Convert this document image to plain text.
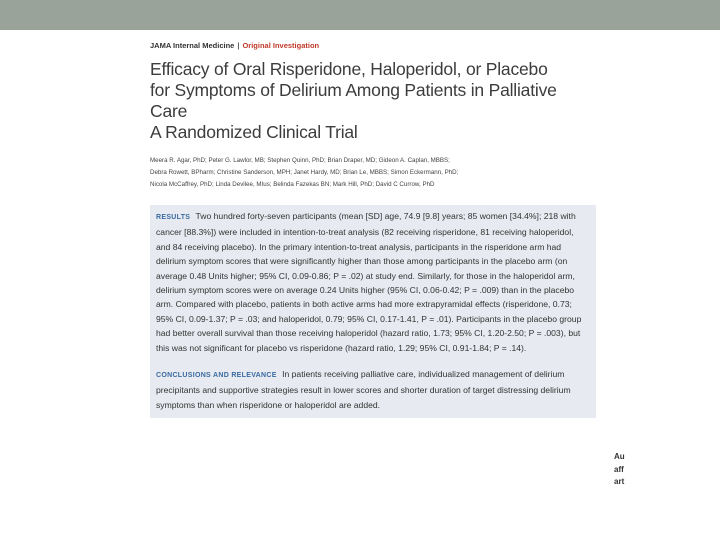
JAMA Internal Medicine | Original Investigation
Efficacy of Oral Risperidone, Haloperidol, or Placebo
for Symptoms of Delirium Among Patients in Palliative Care
A Randomized Clinical Trial
Meera R. Agar, PhD; Peter G. Lawlor, MB; Stephen Quinn, PhD; Brian Draper, MD; Gideon A. Caplan, MBBS;
Debra Rowett, BPharm; Christine Sanderson, MPH; Janet Hardy, MD; Brian Le, MBBS; Simon Eckermann, PhD;
Nicola McCaffrey, PhD; Linda Devilee, MIus; Belinda Fazekas BN; Mark Hill, PhD; David C Currow, PhD
RESULTS Two hundred forty-seven participants (mean [SD] age, 74.9 [9.8] years; 85 women [34.4%]; 218 with cancer [88.3%]) were included in intention-to-treat analysis (82 receiving risperidone, 81 receiving haloperidol, and 84 receiving placebo). In the primary intention-to-treat analysis, participants in the risperidone arm had delirium symptom scores that were significantly higher than those among participants in the placebo arm (on average 0.48 Units higher; 95% CI, 0.09-0.86; P = .02) at study end. Similarly, for those in the haloperidol arm, delirium symptom scores were on average 0.24 Units higher (95% CI, 0.06-0.42; P = .009) than in the placebo arm. Compared with placebo, patients in both active arms had more extrapyramidal effects (risperidone, 0.73; 95% CI, 0.09-1.37; P = .03; and haloperidol, 0.79; 95% CI, 0.17-1.41, P = .01). Participants in the placebo group had better overall survival than those receiving haloperidol (hazard ratio, 1.73; 95% CI, 1.20-2.50; P = .003), but this was not significant for placebo vs risperidone (hazard ratio, 1.29; 95% CI, 0.91-1.84; P = .14).
CONCLUSIONS AND RELEVANCE In patients receiving palliative care, individualized management of delirium precipitants and supportive strategies result in lower scores and shorter duration of target distressing delirium symptoms than when risperidone or haloperidol are added.
Au
aff
art
